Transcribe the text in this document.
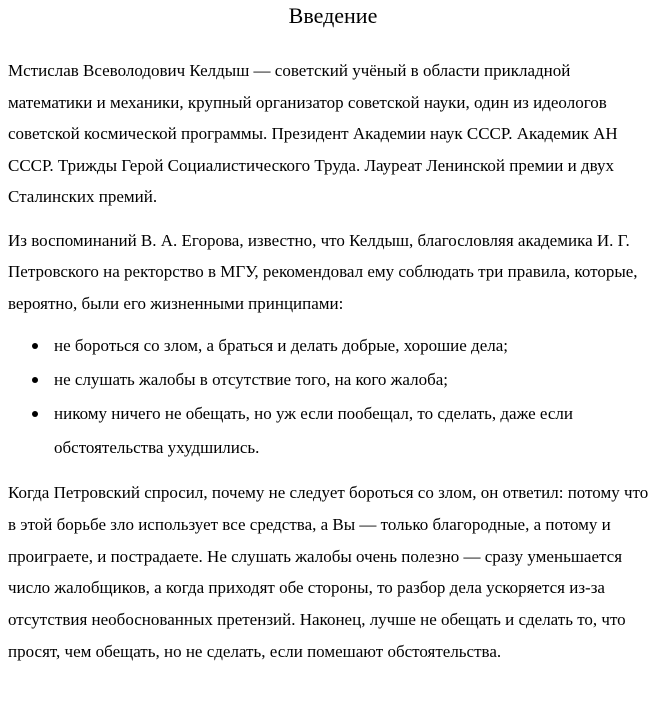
Введение

Мстислав Всеволодович Келдыш — советский учёный в области прикладной математики и механики, крупный организатор советской науки, один из идеологов советской космической программы. Президент Академии наук СССР. Академик АН СССР. Трижды Герой Социалистического Труда. Лауреат Ленинской премии и двух Сталинских премий.

Из воспоминаний В. А. Егорова, известно, что Келдыш, благословляя академика И. Г. Петровского на ректорство в МГУ, рекомендовал ему соблюдать три правила, которые, вероятно, были его жизненными принципами:

не бороться со злом, а браться и делать добрые, хорошие дела;
не слушать жалобы в отсутствие того, на кого жалоба;
никому ничего не обещать, но уж если пообещал, то сделать, даже если обстоятельства ухудшились.

Когда Петровский спросил, почему не следует бороться со злом, он ответил: потому что в этой борьбе зло использует все средства, а Вы — только благородные, а потому и проиграете, и пострадаете. Не слушать жалобы очень полезно — сразу уменьшается число жалобщиков, а когда приходят обе стороны, то разбор дела ускоряется из-за отсутствия необоснованных претензий. Наконец, лучше не обещать и сделать то, что просят, чем обещать, но не сделать, если помешают обстоятельства.
